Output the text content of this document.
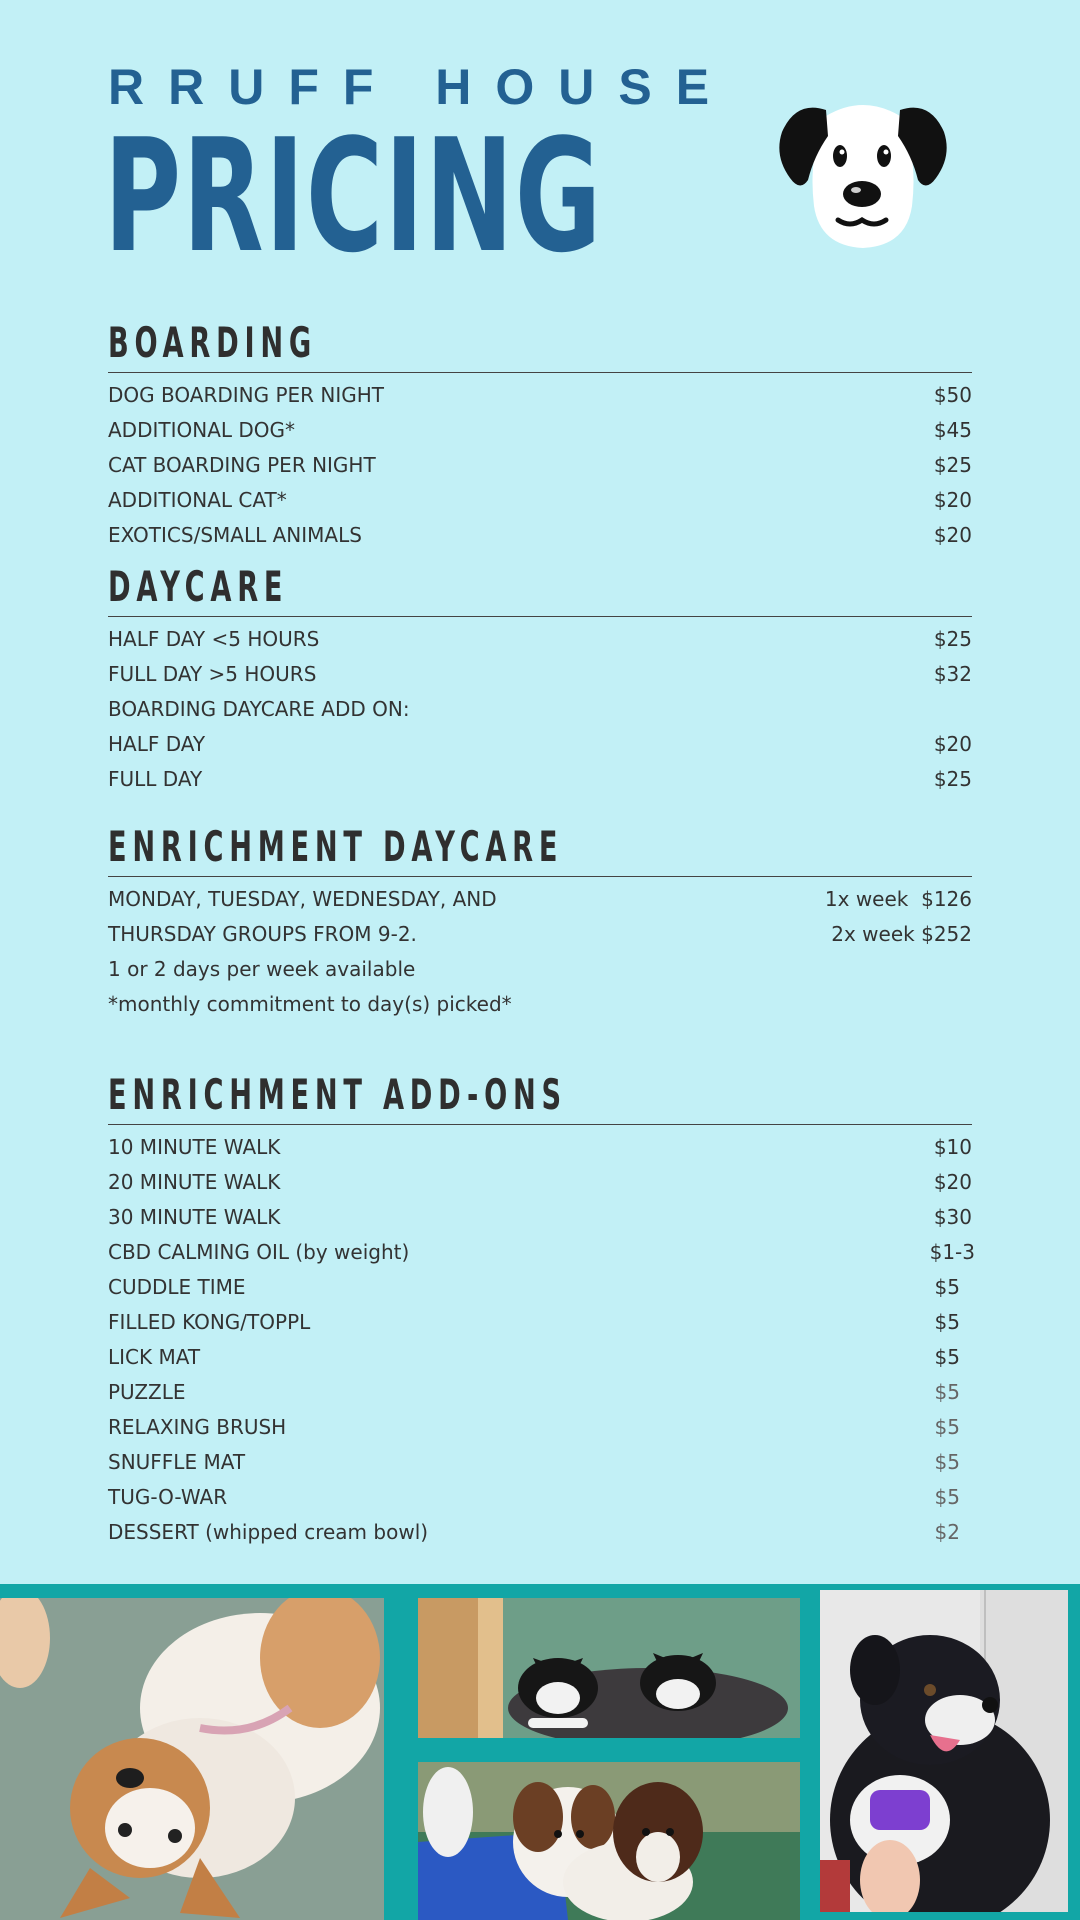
RRUFF HOUSE
PRICING
BOARDING
DOG BOARDING PER NIGHT	$50
ADDITIONAL DOG*	$45
CAT BOARDING PER NIGHT	$25
ADDITIONAL CAT*	$20
EXOTICS/SMALL ANIMALS	$20
DAYCARE
HALF DAY <5 HOURS	$25
FULL DAY >5 HOURS	$32
BOARDING DAYCARE ADD ON:
HALF DAY	$20
FULL DAY	$25
ENRICHMENT DAYCARE
MONDAY, TUESDAY, WEDNESDAY, AND	1x week  $126
THURSDAY GROUPS FROM 9-2.	2x week $252
1 or 2 days per week available
*monthly commitment to day(s) picked*
ENRICHMENT ADD-ONS
10 MINUTE WALK	$10
20 MINUTE WALK	$20
30 MINUTE WALK	$30
CBD CALMING OIL (by weight)	$1-3
CUDDLE TIME	$5
FILLED KONG/TOPPL	$5
LICK MAT	$5
PUZZLE	$5
RELAXING BRUSH	$5
SNUFFLE MAT	$5
TUG-O-WAR	$5
DESSERT (whipped cream bowl)	$2
